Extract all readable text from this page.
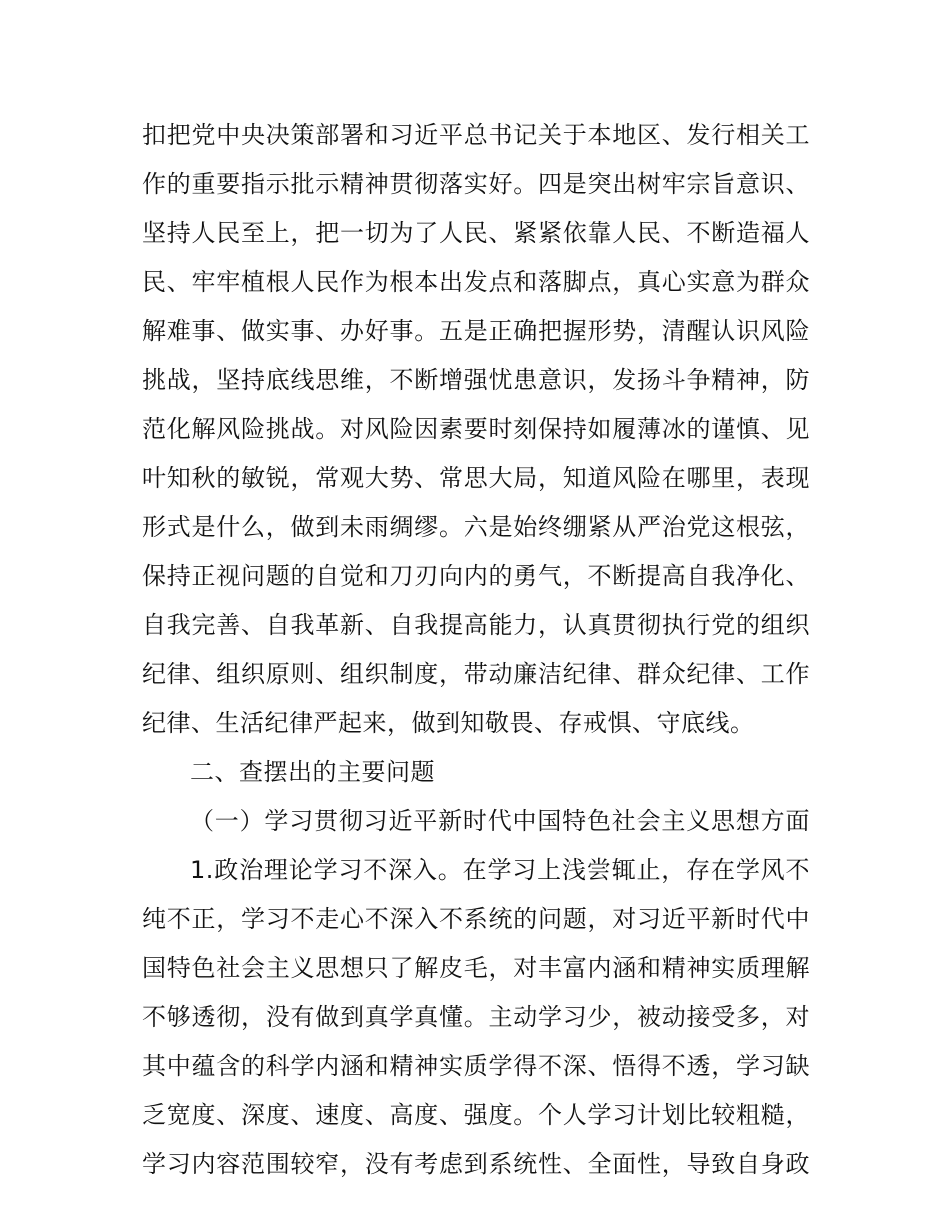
扣把党中央决策部署和习近平总书记关于本地区、发行相关工
作的重要指示批示精神贯彻落实好。四是突出树牢宗旨意识、
坚持人民至上，把一切为了人民、紧紧依靠人民、不断造福人
民、牢牢植根人民作为根本出发点和落脚点，真心实意为群众
解难事、做实事、办好事。五是正确把握形势，清醒认识风险
挑战，坚持底线思维，不断增强忧患意识，发扬斗争精神，防
范化解风险挑战。对风险因素要时刻保持如履薄冰的谨慎、见
叶知秋的敏锐，常观大势、常思大局，知道风险在哪里，表现
形式是什么，做到未雨绸缪。六是始终绷紧从严治党这根弦，
保持正视问题的自觉和刀刃向内的勇气，不断提高自我净化、
自我完善、自我革新、自我提高能力，认真贯彻执行党的组织
纪律、组织原则、组织制度，带动廉洁纪律、群众纪律、工作
纪律、生活纪律严起来，做到知敬畏、存戒惧、守底线。
二、查摆出的主要问题
（一）学习贯彻习近平新时代中国特色社会主义思想方面
1.政治理论学习不深入。在学习上浅尝辄止，存在学风不
纯不正，学习不走心不深入不系统的问题，对习近平新时代中
国特色社会主义思想只了解皮毛，对丰富内涵和精神实质理解
不够透彻，没有做到真学真懂。主动学习少，被动接受多，对
其中蕴含的科学内涵和精神实质学得不深、悟得不透，学习缺
乏宽度、深度、速度、高度、强度。个人学习计划比较粗糙，
学习内容范围较窄，没有考虑到系统性、全面性，导致自身政
